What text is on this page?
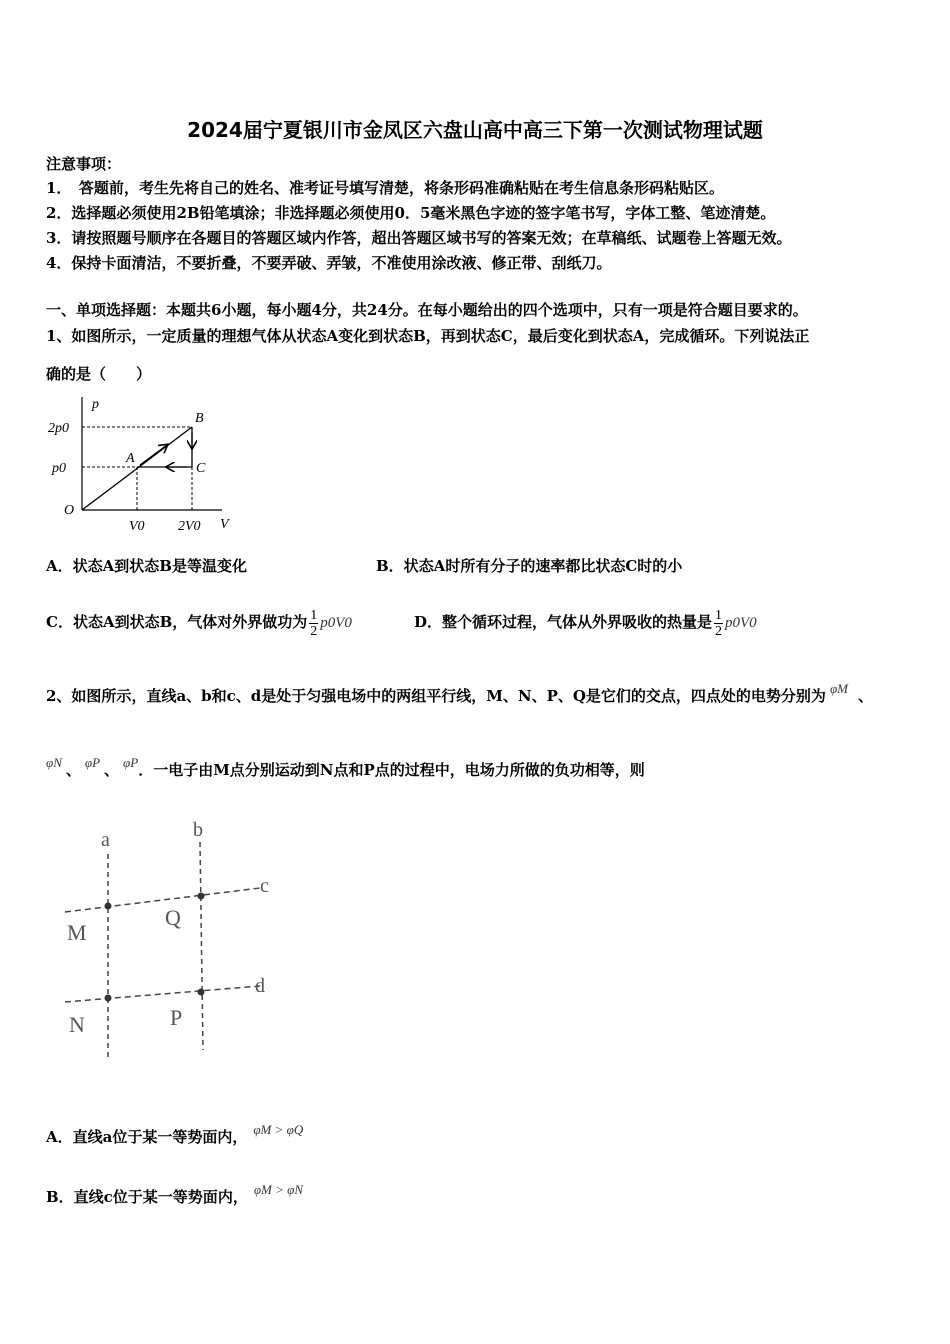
2024届宁夏银川市金凤区六盘山高中高三下第一次测试物理试题
注意事项：
1．　答题前，考生先将自己的姓名、准考证号填写清楚，将条形码准确粘贴在考生信息条形码粘贴区。
2．选择题必须使用2B铅笔填涂；非选择题必须使用0．5毫米黑色字迹的签字笔书写，字体工整、笔迹清楚。
3．请按照题号顺序在各题目的答题区域内作答，超出答题区域书写的答案无效；在草稿纸、试题卷上答题无效。
4．保持卡面清洁，不要折叠，不要弄破、弄皱，不准使用涂改液、修正带、刮纸刀。
一、单项选择题：本题共6小题，每小题4分，共24分。在每小题给出的四个选项中，只有一项是符合题目要求的。
1、如图所示，一定质量的理想气体从状态A变化到状态B，再到状态C，最后变化到状态A，完成循环。下列说法正
确的是（　　）
p
2p0
p0
O
V0 2V0 V
A
B
C
A．状态A到状态B是等温变化	B．状态A时所有分子的速率都比状态C时的小
C．状态A到状态B，气体对外界做功为 $\frac{1}{2} p0V0$	D．整个循环过程，气体从外界吸收的热量是 $\frac{1}{2} p0V0$
2、如图所示，直线a、b和c、d是处于匀强电场中的两组平行线，M、N、P、Q是它们的交点，四点处的电势分别为 φM 、
φN 、 φP 、 φP．一电子由M点分别运动到N点和P点的过程中，电场力所做的负功相等，则
a	b
c
d
M
Q
N	P
A．直线a位于某一等势面内， φM > φQ
B．直线c位于某一等势面内， φM > φN
